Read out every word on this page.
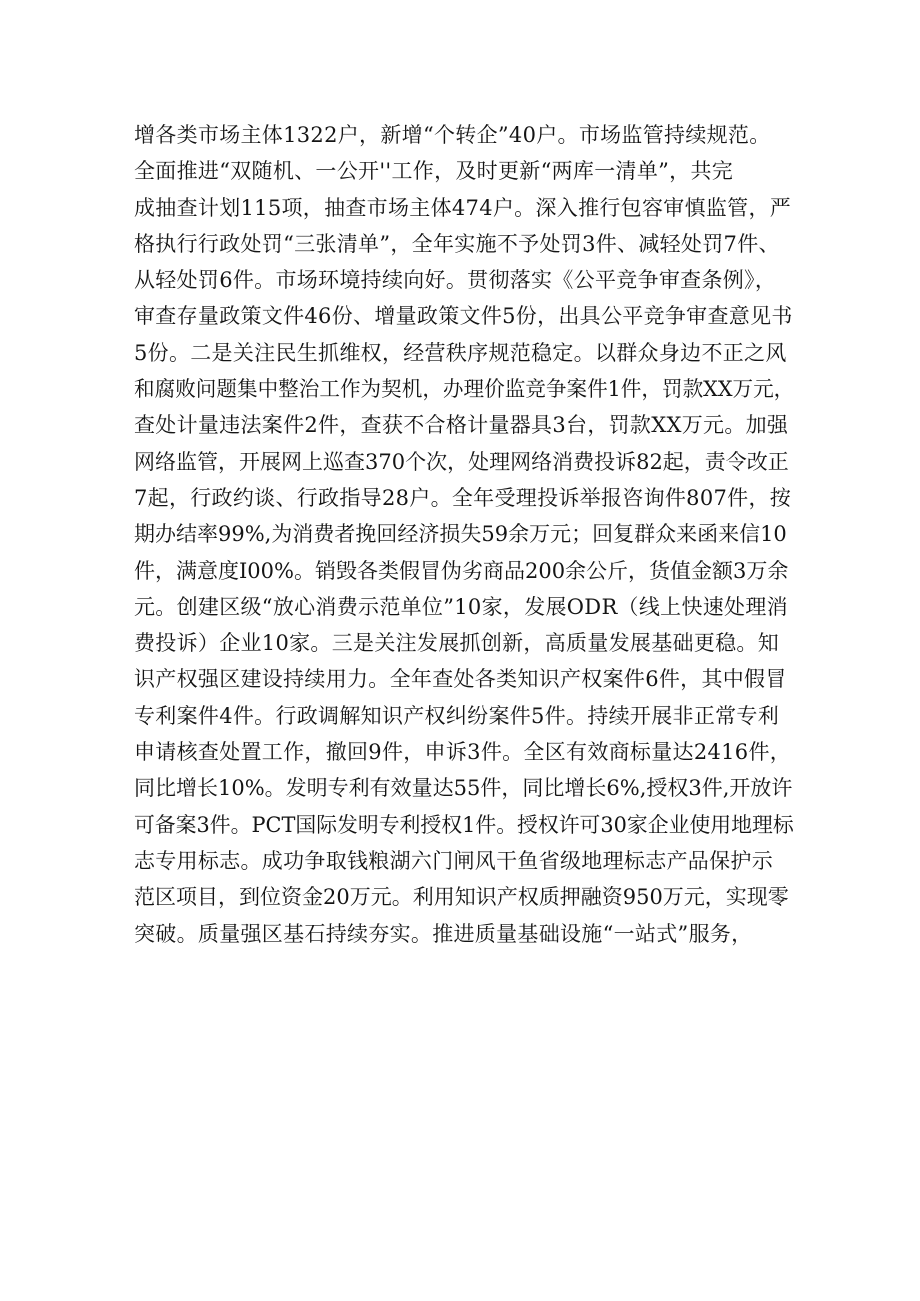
增各类市场主体1322户，新增“个转企”40户。市场监管持续规范。
全面推进“双随机、一公开''工作，及时更新“两库一清单”，共完
成抽查计划115项，抽查市场主体474户。深入推行包容审慎监管，严
格执行行政处罚“三张清单”，全年实施不予处罚3件、减轻处罚7件、
从轻处罚6件。市场环境持续向好。贯彻落实《公平竞争审查条例》，
审查存量政策文件46份、增量政策文件5份，出具公平竞争审查意见书
5份。二是关注民生抓维权，经营秩序规范稳定。以群众身边不正之风
和腐败问题集中整治工作为契机，办理价监竞争案件1件，罚款XX万元，
查处计量违法案件2件，查获不合格计量器具3台，罚款XX万元。加强
网络监管，开展网上巡查370个次，处理网络消费投诉82起，责令改正
7起，行政约谈、行政指导28户。全年受理投诉举报咨询件807件，按
期办结率99%,为消费者挽回经济损失59余万元；回复群众来函来信10
件，满意度I00%。销毁各类假冒伪劣商品200余公斤，货值金额3万余
元。创建区级“放心消费示范单位”10家，发展ODR（线上快速处理消
费投诉）企业10家。三是关注发展抓创新，高质量发展基础更稳。知
识产权强区建设持续用力。全年查处各类知识产权案件6件，其中假冒
专利案件4件。行政调解知识产权纠纷案件5件。持续开展非正常专利
申请核查处置工作，撤回9件，申诉3件。全区有效商标量达2416件，
同比增长10%。发明专利有效量达55件，同比增长6%,授权3件,开放许
可备案3件。PCT国际发明专利授权1件。授权许可30家企业使用地理标
志专用标志。成功争取钱粮湖六门闸风干鱼省级地理标志产品保护示
范区项目，到位资金20万元。利用知识产权质押融资950万元，实现零
突破。质量强区基石持续夯实。推进质量基础设施“一站式”服务，
